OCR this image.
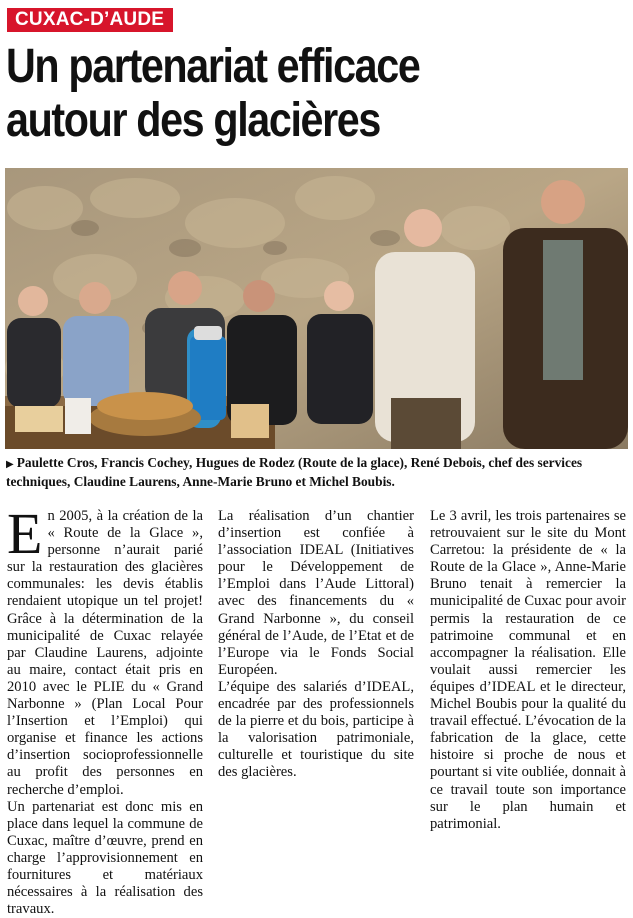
CUXAC-D’AUDE
Un partenariat efficace
autour des glacières

▶ Paulette Cros, Francis Cochey, Hugues de Rodez (Route de la glace), René Debois, chef des services techniques, Claudine Laurens, Anne-Marie Bruno et Michel Boubis.

En 2005, à la création de la « Route de la Glace », personne n’aurait parié sur la restauration des glacières communales: les devis établis rendaient utopique un tel projet! Grâce à la détermination de la municipalité de Cuxac relayée par Claudine Laurens, adjointe au maire, contact était pris en 2010 avec le PLIE du « Grand Narbonne » (Plan Local Pour l’Insertion et l’Emploi) qui organise et finance les actions d’insertion socioprofessionnelle au profit des personnes en recherche d’emploi.

Un partenariat est donc mis en place dans lequel la commune de Cuxac, maître d’œuvre, prend en charge l’approvisionnement en fournitures et matériaux nécessaires à la réalisation des travaux.

La réalisation d’un chantier d’insertion est confiée à l’association IDEAL (Initiatives pour le Développement de l’Emploi dans l’Aude Littoral) avec des financements du « Grand Narbonne », du conseil général de l’Aude, de l’Etat et de l’Europe via le Fonds Social Européen.

L’équipe des salariés d’IDEAL, encadrée par des professionnels de la pierre et du bois, participe à la valorisation patrimoniale, culturelle et touristique du site des glacières.

Le 3 avril, les trois partenaires se retrouvaient sur le site du Mont Carretou: la présidente de « la Route de la Glace », Anne-Marie Bruno tenait à remercier la municipalité de Cuxac pour avoir permis la restauration de ce patrimoine communal et en accompagner la réalisation. Elle voulait aussi remercier les équipes d’IDEAL et le directeur, Michel Boubis pour la qualité du travail effectué. L’évocation de la fabrication de la glace, cette histoire si proche de nous et pourtant si vite oubliée, donnait à ce travail toute son importance sur le plan humain et patrimonial.
